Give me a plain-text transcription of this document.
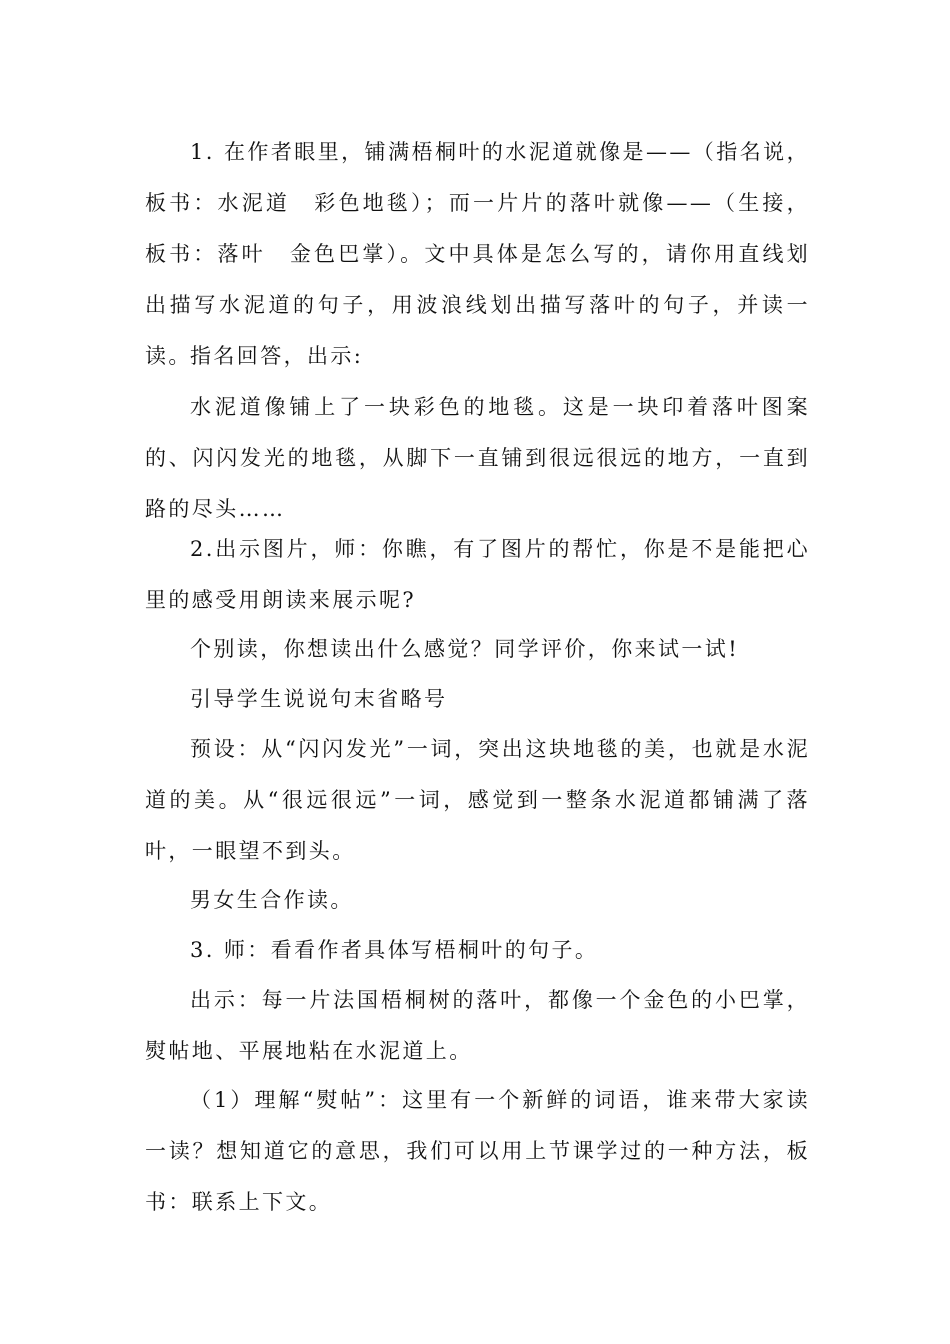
1. 在作者眼里，铺满梧桐叶的水泥道就像是——（指名说，板书：水泥道　彩色地毯）；而一片片的落叶就像——（生接，板书：落叶　金色巴掌）。文中具体是怎么写的，请你用直线划出描写水泥道的句子，用波浪线划出描写落叶的句子，并读一读。

指名回答，出示:

水泥道像铺上了一块彩色的地毯。这是一块印着落叶图案的、闪闪发光的地毯，从脚下一直铺到很远很远的地方，一直到路的尽头……

2.出示图片，师：你瞧，有了图片的帮忙，你是不是能把心里的感受用朗读来展示呢?

个别读，你想读出什么感觉？同学评价，你来试一试!

引导学生说说句末省略号

预设：从“闪闪发光”一词，突出这块地毯的美，也就是水泥道的美。从“很远很远”一词，感觉到一整条水泥道都铺满了落叶，一眼望不到头。

男女生合作读。

3. 师：看看作者具体写梧桐叶的句子。

出示：每一片法国梧桐树的落叶，都像一个金色的小巴掌，熨帖地、平展地粘在水泥道上。

（1）理解“熨帖”：这里有一个新鲜的词语，谁来带大家读一读？想知道它的意思，我们可以用上节课学过的一种方法，板书：联系上下文。
